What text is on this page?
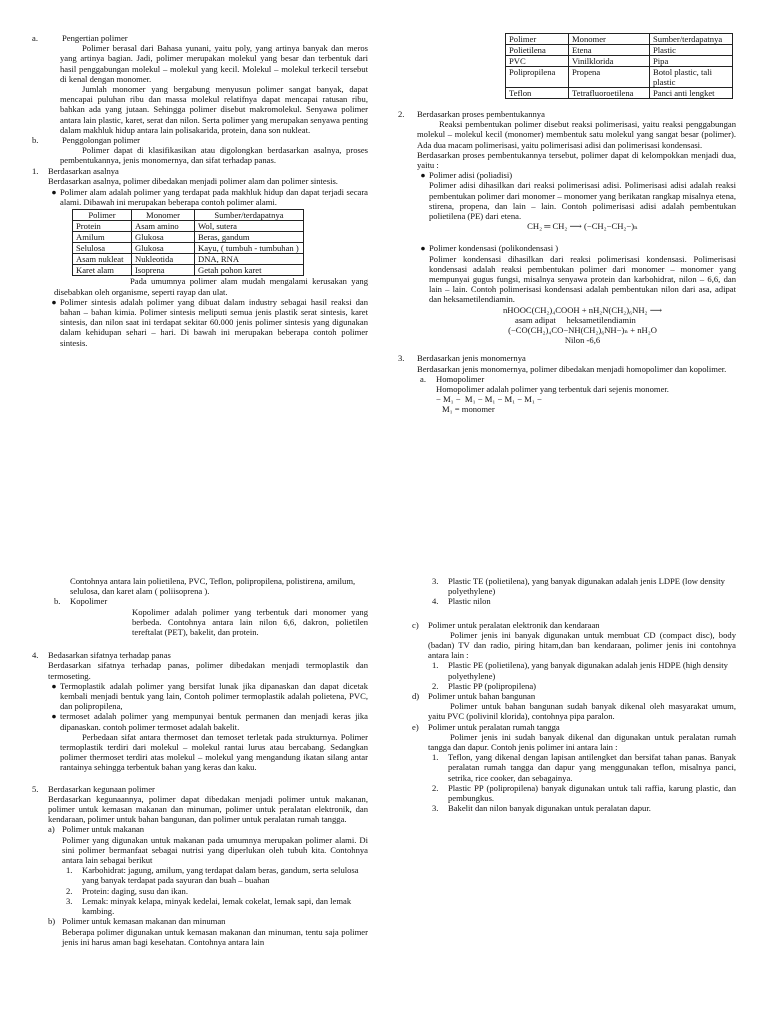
a.	Pengertian polimer

Polimer berasal dari Bahasa yunani, yaitu poly, yang artinya banyak dan meros yang artinya bagian. Jadi, polimer merupakan molekul yang besar dan terbentuk dari hasil penggabungan molekul – molekul yang kecil. Molekul – molekul terkecil tersebut di kenal dengan monomer.

Jumlah monomer yang bergabung menyusun polimer sangat banyak, dapat mencapai puluhan ribu dan massa molekul relatifnya dapat mencapai ratusan ribu, bahkan ada yang jutaan. Sehingga polimer disebut makromolekul. Senyawa polimer antara lain plastic, karet, serat dan nilon. Serta polimer yang merupakan senyawa penting dalam makhluk hidup antara lain polisakarida, protein, dana son nukleat.

b.	Penggolongan polimer

Polimer dapat di klasifikasikan atau digolongkan berdasarkan asalnya, proses pembentukannya, jenis monomernya, dan sifat terhadap panas.

1.	Berdasarkan asalnya

Berdasarkan asalnya, polimer dibedakan menjadi polimer alam dan polimer sintesis.

● Polimer alam adalah polimer yang terdapat pada makhluk hidup dan dapat terjadi secara alami. Dibawah ini merupakan beberapa contoh polimer alami.

Polimer	Monomer	Sumber/terdapatnya
Protein	Asam amino	Wol, sutera
Amilum	Glukosa	Beras, gandum
Selulosa	Glukosa	Kayu, ( tumbuh - tumbuhan )
Asam nukleat	Nukleotida	DNA, RNA
Karet alam	Isoprena	Getah pohon karet

Pada umumnya polimer alam mudah mengalami kerusakan yang disebabkan oleh organisme, seperti rayap dan ulat.

● Polimer sintesis adalah polimer yang dibuat dalam industry sebagai hasil reaksi dan bahan – bahan kimia. Polimer sintesis meliputi semua jenis plastik serat sintesis, karet sintesis, dan nilon saat ini terdapat sekitar 60.000 jenis polimer sintesis yang digunakan dalam kehidupan sehari – hari. Di bawah ini merupakan beberapa contoh polimer sintesis.

Polimer	Monomer	Sumber/terdapatnya
Polietilena	Etena	Plastic
PVC	Vinilklorida	Pipa
Polipropilena	Propena	Botol plastic, tali plastic
Teflon	Tetrafluoroetilena	Panci anti lengket
2.	Berdasarkan proses pembentukannya

Reaksi pembentukan polimer disebut reaksi polimerisasi, yaitu reaksi penggabungan molekul – molekul kecil (monomer) membentuk satu molekul yang sangat besar (polimer). Ada dua macam polimerisasi, yaitu polimerisasi adisi dan polimerisasi kondensasi.

Berdasarkan proses pembentukannya tersebut, polimer dapat di kelompokkan menjadi dua, yaitu :

● Polimer adisi (poliadisi)

Polimer adisi dihasilkan dari reaksi polimerisasi adisi. Polimerisasi adisi adalah reaksi pembentukan polimer dari monomer – monomer yang berikatan rangkap misalnya etena, stirena, propena, dan lain – lain. Contoh polimerisasi adisi adalah pembentukan polietilena (PE) dari etena.

CH₂ ═ CH₂ ⟶ (−CH₂−CH₂−)ₙ

● Polimer kondensasi (polikondensasi )

Polimer kondensasi dihasilkan dari reaksi polimerisasi kondensasi. Polimerisasi kondensasi adalah reaksi pembentukan polimer dari monomer – monomer yang mempunyai gugus fungsi, misalnya senyawa protein dan karbohidrat, nilon – 6,6, dan lain – lain. Contoh polimerisasi kondensasi adalah pembentukan nilon dari asa, adipat dan heksametilendiamin.

nHOOC(CH₂)₄COOH + nH₂N(CH₂)₆NH₂ ⟶

asam adipat     heksametilendiamin

(−CO(CH₂)₄CO−NH(CH₂)₆NH−)ₙ + nH₂O

Nilon -6,6

3.	Berdasarkan jenis monomernya

Berdasarkan jenis monomernya, polimer dibedakan menjadi homopolimer dan kopolimer.

a.	Homopolimer

Homopolimer adalah polimer yang terbentuk dari sejenis monomer.

− M₁ −  M₁ − M₁ − M₁ − M₁ −

M₁ = monomer

Contohnya antara lain polietilena, PVC, Teflon, polipropilena, polistirena, amilum,

selulosa, dan karet alam ( poliisoprena ).

b.	Kopolimer

Kopolimer adalah polimer yang terbentuk dari monomer yang berbeda. Contohnya antara lain nilon 6,6, dakron, polietilen tereftalat (PET), bakelit, dan protein.

4.	Bedasarkan sifatnya terhadap panas

Berdasarkan sifatnya terhadap panas, polimer dibedakan menjadi termoplastik dan termoseting.

● Termoplastik adalah polimer yang bersifat lunak jika dipanaskan dan dapat dicetak kembali menjadi bentuk yang lain, Contoh polimer termoplastik adalah polietena, PVC, dan polipropilena,

● termoset adalah polimer yang mempunyai bentuk permanen dan menjadi keras jika dipanaskan. contoh polimer termoset adalah bakelit.

Perbedaan sifat antara thermoset dan temoset terletak pada strukturnya. Polimer termoplastik terdiri dari molekul – molekul rantai lurus atau bercabang. Sedangkan polimer thermoset terdiri atas molekul – molekul yang mengandung ikatan silang antar rantainya sehingga terbentuk bahan yang keras dan kaku.

5.	Berdasarkan kegunaan polimer

Berdasarkan kegunaannya, polimer dapat dibedakan menjadi polimer untuk makanan, polimer untuk kemasan makanan dan minuman, polimer untuk peralatan elektronik, dan kendaraan, polimer untuk bahan bangunan, dan polimer untuk peralatan rumah tangga.

a) Polimer untuk makanan

Polimer yang digunakan untuk makanan pada umumnya merupakan polimer alami. Di sini polimer bermanfaat sebagai nutrisi yang diperlukan oleh tubuh kita. Contohnya antara lain sebagai berikut

1.	Karbohidrat: jagung, amilum, yang terdapat dalam beras, gandum, serta selulosa yang banyak terdapat pada sayuran dan buah – buahan

2.	Protein: daging, susu dan ikan.

3.	Lemak: minyak kelapa, minyak kedelai, lemak cokelat, lemak sapi, dan lemak kambing.

b) Polimer untuk kemasan makanan dan minuman

Beberapa polimer digunakan untuk kemasan makanan dan minuman, tentu saja polimer jenis ini harus aman bagi kesehatan. Contohnya antara lain

3.	Plastic TE (polietilena), yang banyak digunakan adalah jenis LDPE (low density polyethylene)

4.	Plastic nilon

c)	Polimer untuk peralatan elektronik dan kendaraan

Polimer jenis ini banyak digunakan untuk membuat CD (compact disc), body (badan) TV dan radio, piring hitam,dan ban kendaraan, polimer jenis ini contohnya antara lain :

1.	Plastic PE (polietilena), yang banyak digunakan adalah jenis HDPE (high density polyethylene)

2.	Plastic PP (polipropilena)

d)	Polimer untuk bahan bangunan

Polimer untuk bahan bangunan sudah banyak dikenal oleh masyarakat umum, yaitu PVC (polivinil klorida), contohnya pipa paralon.

e)	Polimer untuk peralatan rumah tangga

Polimer jenis ini sudah banyak dikenal dan digunakan untuk peralatan rumah tangga dan dapur. Contoh jenis polimer ini antara lain :

1.	Teflon, yang dikenal dengan lapisan antilengket dan bersifat tahan panas. Banyak peralatan rumah tangga dan dapur yang menggunakan teflon, misalnya panci, setrika, rice cooker, dan sebagainya.

2.	Plastic PP (polipropilena) banyak digunakan untuk tali raffia, karung plastic, dan pembungkus.

3.	Bakelit dan nilon banyak digunakan untuk peralatan dapur.
